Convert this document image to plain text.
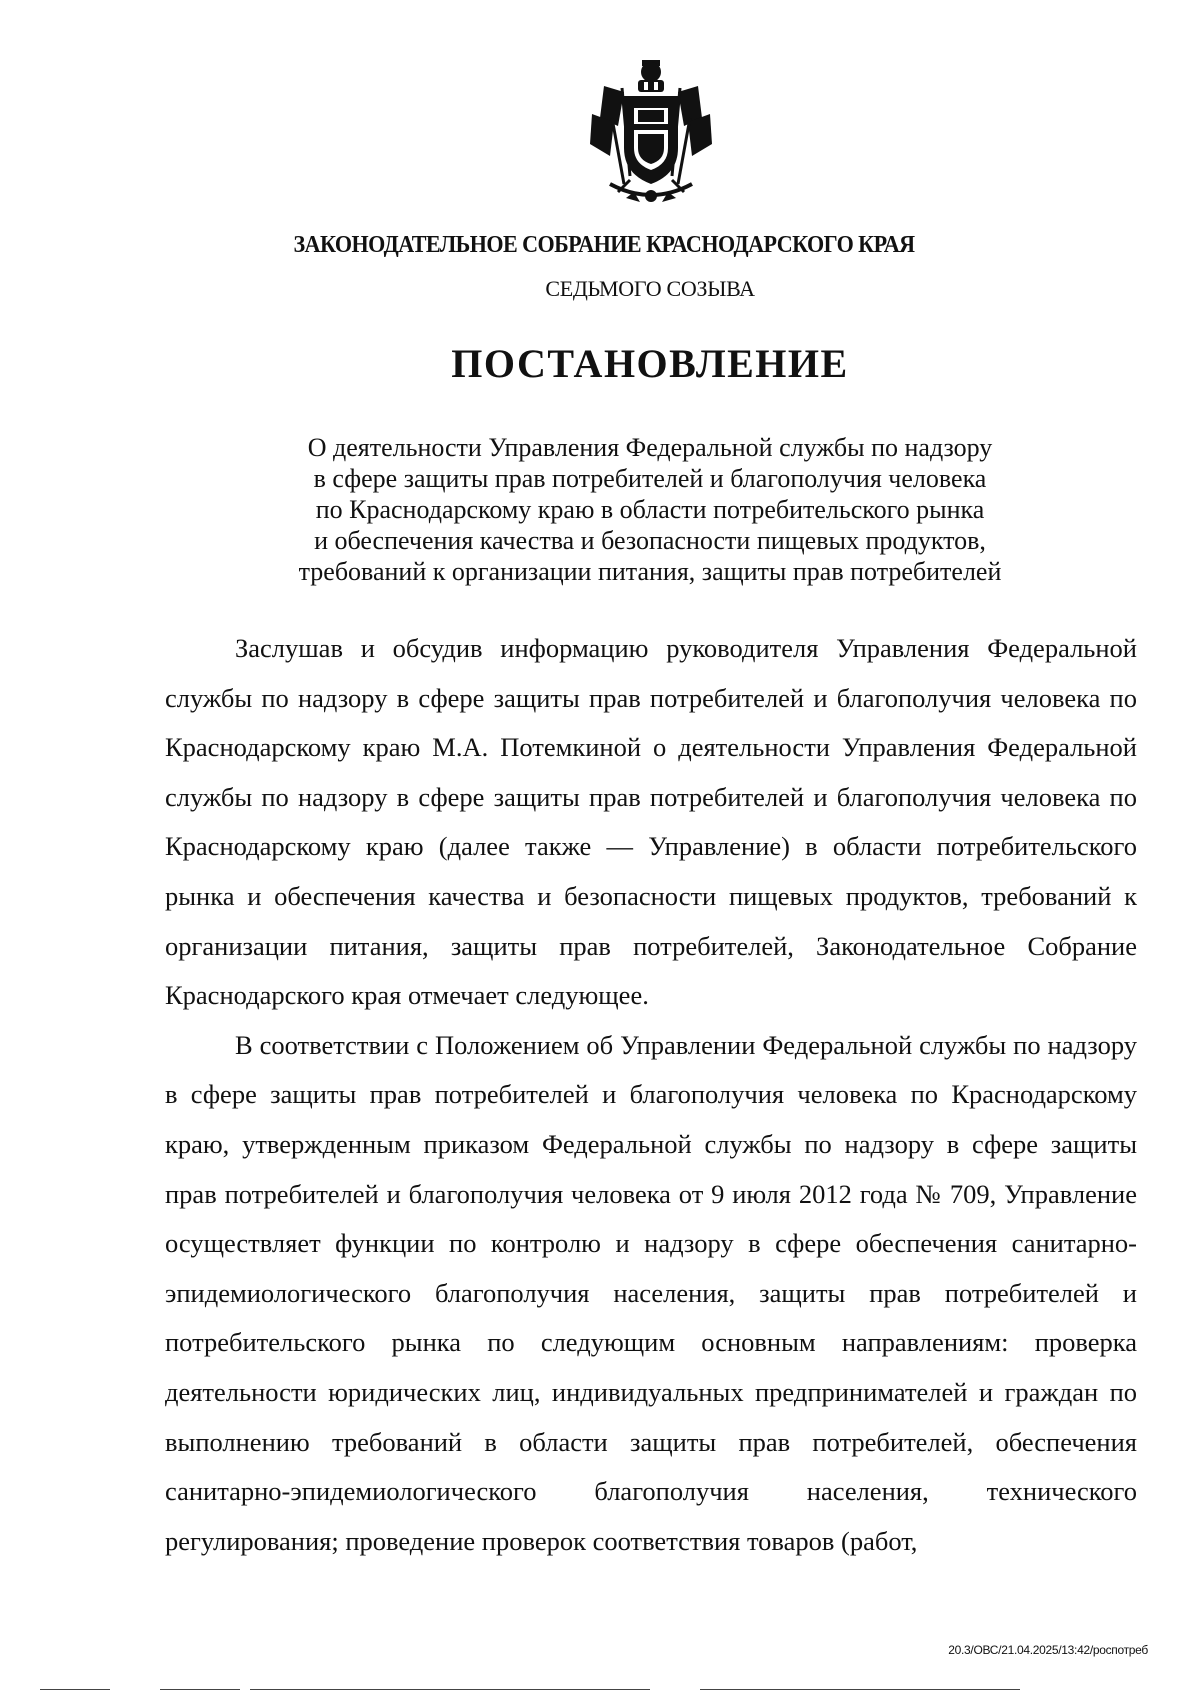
ЗАКОНОДАТЕЛЬНОЕ СОБРАНИЕ КРАСНОДАРСКОГО КРАЯ
СЕДЬМОГО СОЗЫВА
ПОСТАНОВЛЕНИЕ
О деятельности Управления Федеральной службы по надзору
в сфере защиты прав потребителей и благополучия человека
по Краснодарскому краю в области потребительского рынка
и обеспечения качества и безопасности пищевых продуктов,
требований к организации питания, защиты прав потребителей

Заслушав и обсудив информацию руководителя Управления Федеральной службы по надзору в сфере защиты прав потребителей и благополучия человека по Краснодарскому краю М.А. Потемкиной о деятельности Управления Федеральной службы по надзору в сфере защиты прав потребителей и благополучия человека по Краснодарскому краю (далее также — Управление) в области потребительского рынка и обеспечения качества и безопасности пищевых продуктов, требований к организации питания, защиты прав потребителей, Законодательное Собрание Краснодарского края отмечает следующее.

В соответствии с Положением об Управлении Федеральной службы по надзору в сфере защиты прав потребителей и благополучия человека по Краснодарскому краю, утвержденным приказом Федеральной службы по надзору в сфере защиты прав потребителей и благополучия человека от 9 июля 2012 года № 709, Управление осуществляет функции по контролю и надзору в сфере обеспечения санитарно-эпидемиологического благополучия населения, защиты прав потребителей и потребительского рынка по следующим основным направлениям: проверка деятельности юридических лиц, индивидуальных предпринимателей и граждан по выполнению требований в области защиты прав потребителей, обеспечения санитарно-эпидемиологического благополучия населения, технического регулирования; проведение проверок соответствия товаров (работ,

20.3/ОВС/21.04.2025/13:42/роспотреб
